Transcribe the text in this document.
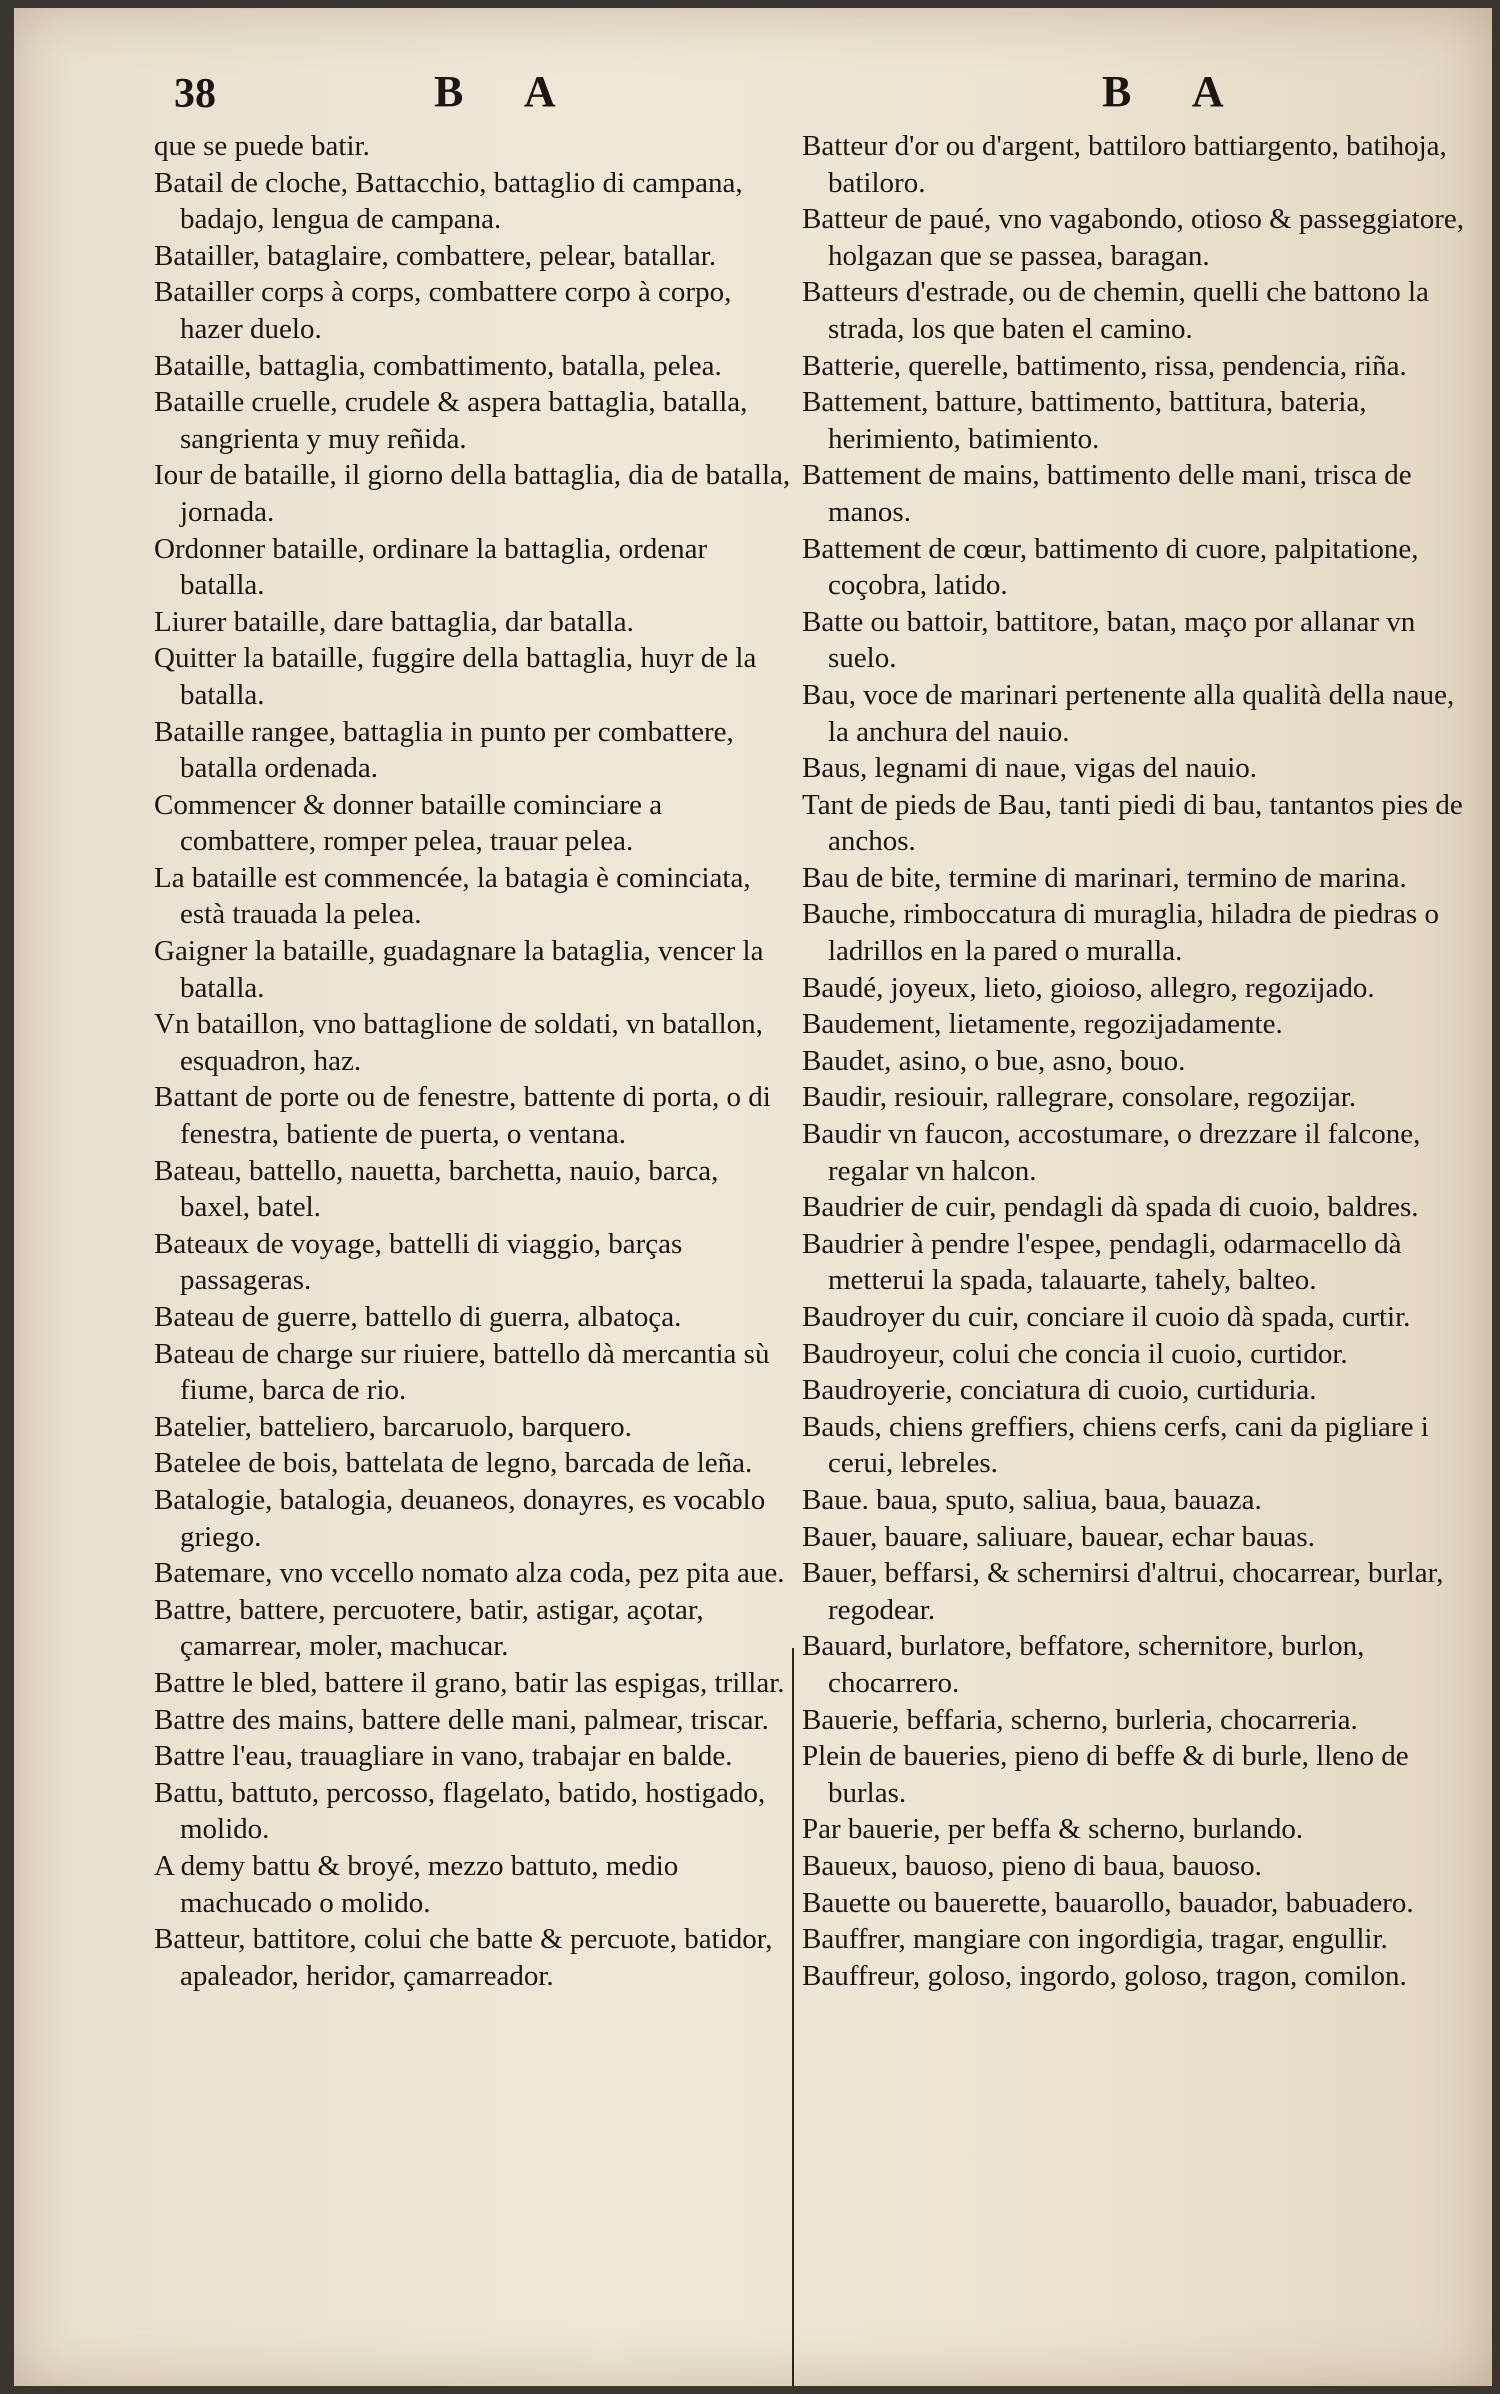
38	B A	B A

que se puede batir.

Batail de cloche, Battacchio, battaglio di campana, badajo, lengua de campana.

Batailler, bataglaire, combattere, pelear, batallar.

Batailler corps à corps, combattere corpo à corpo, hazer duelo.

Bataille, battaglia, combattimento, batalla, pelea.

Bataille cruelle, crudele & aspera battaglia, batalla, sangrienta y muy reñida.

Iour de bataille, il giorno della battaglia, dia de batalla, jornada.

Ordonner bataille, ordinare la battaglia, ordenar batalla.

Liurer bataille, dare battaglia, dar batalla.

Quitter la bataille, fuggire della battaglia, huyr de la batalla.

Bataille rangee, battaglia in punto per combattere, batalla ordenada.

Commencer & donner bataille cominciare a combattere, romper pelea, trauar pelea.

La bataille est commencée, la batagia è cominciata, està trauada la pelea.

Gaigner la bataille, guadagnare la bataglia, vencer la batalla.

Vn bataillon, vno battaglione de soldati, vn batallon, esquadron, haz.

Battant de porte ou de fenestre, battente di porta, o di fenestra, batiente de puerta, o ventana.

Bateau, battello, nauetta, barchetta, nauio, barca, baxel, batel.

Bateaux de voyage, battelli di viaggio, barças passageras.

Bateau de guerre, battello di guerra, albatoça.

Bateau de charge sur riuiere, battello dà mercantia sù fiume, barca de rio.

Batelier, batteliero, barcaruolo, barquero.

Batelee de bois, battelata de legno, barcada de leña.

Batalogie, batalogia, deuaneos, donayres, es vocablo griego.

Batemare, vno vccello nomato alza coda, pez pita aue.

Battre, battere, percuotere, batir, astigar, açotar, çamarrear, moler, machucar.

Battre le bled, battere il grano, batir las espigas, trillar.

Battre des mains, battere delle mani, palmear, triscar.

Battre l'eau, trauagliare in vano, trabajar en balde.

Battu, battuto, percosso, flagelato, batido, hostigado, molido.

A demy battu & broyé, mezzo battuto, medio machucado o molido.

Batteur, battitore, colui che batte & percuote, batidor, apaleador, heridor, çamarreador.

Batteur d'or ou d'argent, battiloro battiargento, batihoja, batiloro.

Batteur de paué, vno vagabondo, otioso & passeggiatore, holgazan que se passea, baragan.

Batteurs d'estrade, ou de chemin, quelli che battono la strada, los que baten el camino.

Batterie, querelle, battimento, rissa, pendencia, riña.

Battement, batture, battimento, battitura, bateria, herimiento, batimiento.

Battement de mains, battimento delle mani, trisca de manos.

Battement de cœur, battimento di cuore, palpitatione, coçobra, latido.

Batte ou battoir, battitore, batan, maço por allanar vn suelo.

Bau, voce de marinari pertenente alla qualità della naue, la anchura del nauio.

Baus, legnami di naue, vigas del nauio.

Tant de pieds de Bau, tanti piedi di bau, tantantos pies de anchos.

Bau de bite, termine di marinari, termino de marina.

Bauche, rimboccatura di muraglia, hiladra de piedras o ladrillos en la pared o muralla.

Baudé, joyeux, lieto, gioioso, allegro, regozijado.

Baudement, lietamente, regozijadamente.

Baudet, asino, o bue, asno, bouo.

Baudir, resiouir, rallegrare, consolare, regozijar.

Baudir vn faucon, accostumare, o drezzare il falcone, regalar vn halcon.

Baudrier de cuir, pendagli dà spada di cuoio, baldres.

Baudrier à pendre l'espee, pendagli, odarmacello dà metterui la spada, talauarte, tahely, balteo.

Baudroyer du cuir, conciare il cuoio dà spada, curtir.

Baudroyeur, colui che concia il cuoio, curtidor.

Baudroyerie, conciatura di cuoio, curtiduria.

Bauds, chiens greffiers, chiens cerfs, cani da pigliare i cerui, lebreles.

Baue. baua, sputo, saliua, baua, bauaza.

Bauer, bauare, saliuare, bauear, echar bauas.

Bauer, beffarsi, & schernirsi d'altrui, chocarrear, burlar, regodear.

Bauard, burlatore, beffatore, schernitore, burlon, chocarrero.

Bauerie, beffaria, scherno, burleria, chocarreria.

Plein de baueries, pieno di beffe & di burle, lleno de burlas.

Par bauerie, per beffa & scherno, burlando.

Baueux, bauoso, pieno di baua, bauoso.

Bauette ou bauerette, bauarollo, bauador, babuadero.

Bauffrer, mangiare con ingordigia, tragar, engullir.

Bauffreur, goloso, ingordo, goloso, tragon, comilon.
